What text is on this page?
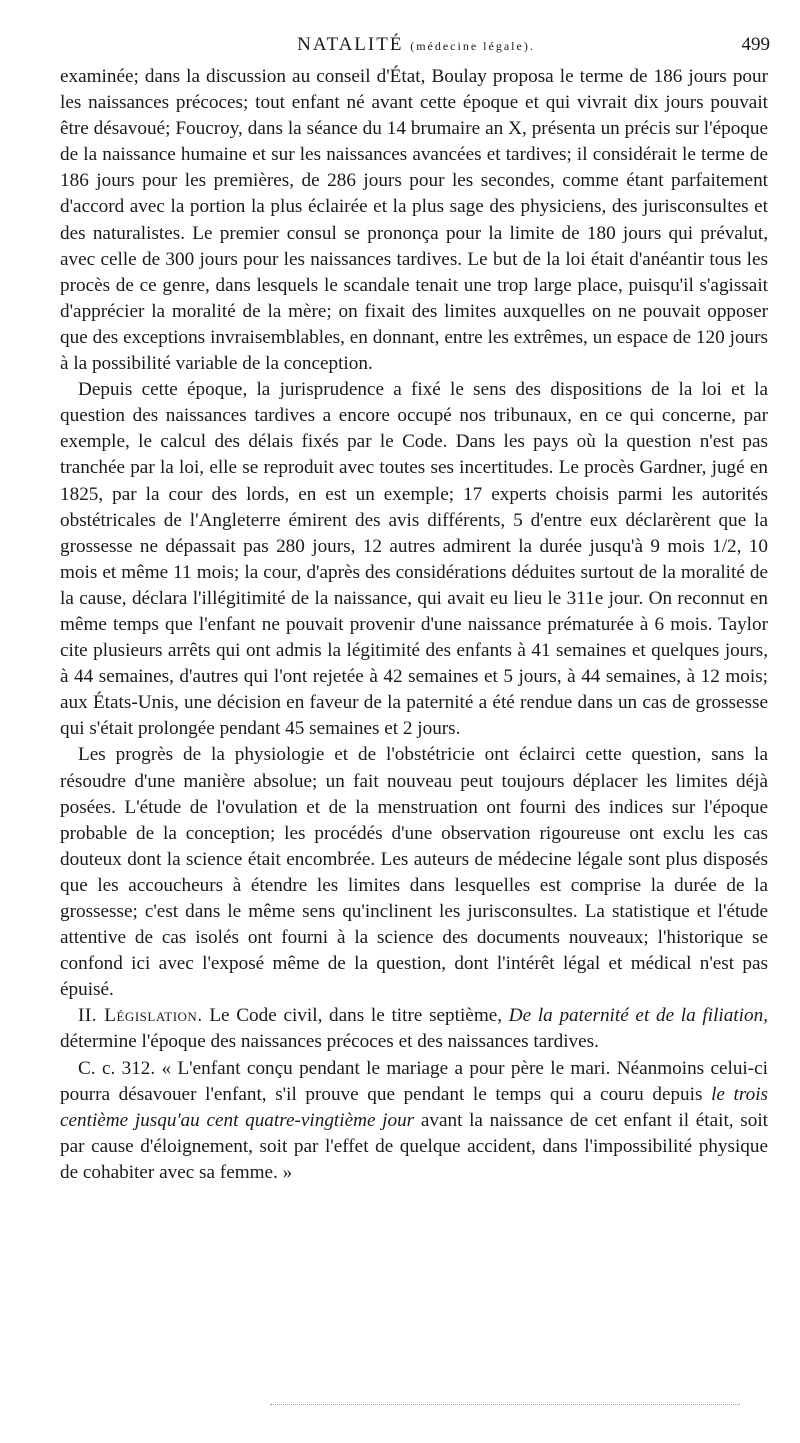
NATALITÉ (médecine légale).	499

examinée; dans la discussion au conseil d'État, Boulay proposa le terme de 186 jours pour les naissances précoces; tout enfant né avant cette époque et qui vivrait dix jours pouvait être désavoué; Foucroy, dans la séance du 14 brumaire an X, présenta un précis sur l'époque de la naissance humaine et sur les naissances avancées et tardives; il considérait le terme de 186 jours pour les premières, de 286 jours pour les secondes, comme étant parfaitement d'accord avec la portion la plus éclairée et la plus sage des physiciens, des jurisconsultes et des naturalistes. Le premier consul se prononça pour la limite de 180 jours qui prévalut, avec celle de 300 jours pour les naissances tardives. Le but de la loi était d'anéantir tous les procès de ce genre, dans lesquels le scandale tenait une trop large place, puisqu'il s'agissait d'apprécier la moralité de la mère; on fixait des limites auxquelles on ne pouvait opposer que des exceptions invraisemblables, en donnant, entre les extrêmes, un espace de 120 jours à la possibilité variable de la conception.

Depuis cette époque, la jurisprudence a fixé le sens des dispositions de la loi et la question des naissances tardives a encore occupé nos tribunaux, en ce qui concerne, par exemple, le calcul des délais fixés par le Code. Dans les pays où la question n'est pas tranchée par la loi, elle se reproduit avec toutes ses incertitudes. Le procès Gardner, jugé en 1825, par la cour des lords, en est un exemple; 17 experts choisis parmi les autorités obstétricales de l'Angleterre émirent des avis différents, 5 d'entre eux déclarèrent que la grossesse ne dépassait pas 280 jours, 12 autres admirent la durée jusqu'à 9 mois 1/2, 10 mois et même 11 mois; la cour, d'après des considérations déduites surtout de la moralité de la cause, déclara l'illégitimité de la naissance, qui avait eu lieu le 311e jour. On reconnut en même temps que l'enfant ne pouvait provenir d'une naissance prématurée à 6 mois. Taylor cite plusieurs arrêts qui ont admis la légitimité des enfants à 41 semaines et quelques jours, à 44 semaines, d'autres qui l'ont rejetée à 42 semaines et 5 jours, à 44 semaines, à 12 mois; aux États-Unis, une décision en faveur de la paternité a été rendue dans un cas de grossesse qui s'était prolongée pendant 45 semaines et 2 jours.

Les progrès de la physiologie et de l'obstétricie ont éclairci cette question, sans la résoudre d'une manière absolue; un fait nouveau peut toujours déplacer les limites déjà posées. L'étude de l'ovulation et de la menstruation ont fourni des indices sur l'époque probable de la conception; les procédés d'une observation rigoureuse ont exclu les cas douteux dont la science était encombrée. Les auteurs de médecine légale sont plus disposés que les accoucheurs à étendre les limites dans lesquelles est comprise la durée de la grossesse; c'est dans le même sens qu'inclinent les jurisconsultes. La statistique et l'étude attentive de cas isolés ont fourni à la science des documents nouveaux; l'historique se confond ici avec l'exposé même de la question, dont l'intérêt légal et médical n'est pas épuisé.

II. Législation. Le Code civil, dans le titre septième, De la paternité et de la filiation, détermine l'époque des naissances précoces et des naissances tardives.

C. c. 312. « L'enfant conçu pendant le mariage a pour père le mari. Néanmoins celui-ci pourra désavouer l'enfant, s'il prouve que pendant le temps qui a couru depuis le trois centième jusqu'au cent quatre-vingtième jour avant la naissance de cet enfant il était, soit par cause d'éloignement, soit par l'effet de quelque accident, dans l'impossibilité physique de cohabiter avec sa femme. »
